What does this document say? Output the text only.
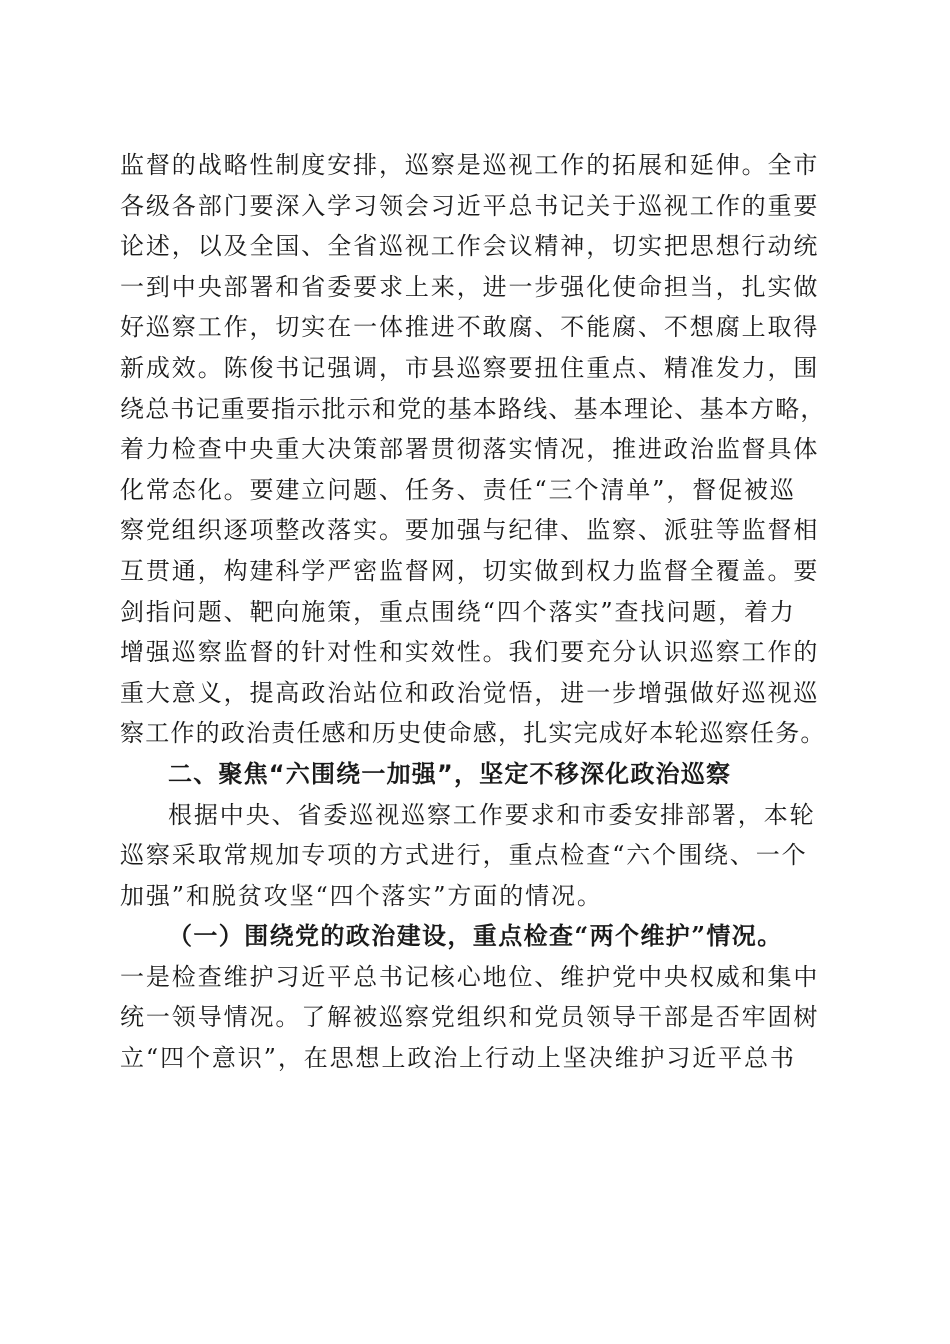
监督的战略性制度安排，巡察是巡视工作的拓展和延伸。全市
各级各部门要深入学习领会习近平总书记关于巡视工作的重要
论述，以及全国、全省巡视工作会议精神，切实把思想行动统
一到中央部署和省委要求上来，进一步强化使命担当，扎实做
好巡察工作，切实在一体推进不敢腐、不能腐、不想腐上取得
新成效。陈俊书记强调，市县巡察要扭住重点、精准发力，围
绕总书记重要指示批示和党的基本路线、基本理论、基本方略，
着力检查中央重大决策部署贯彻落实情况，推进政治监督具体
化常态化。要建立问题、任务、责任“三个清单”，督促被巡
察党组织逐项整改落实。要加强与纪律、监察、派驻等监督相
互贯通，构建科学严密监督网，切实做到权力监督全覆盖。要
剑指问题、靶向施策，重点围绕“四个落实”查找问题，着力
增强巡察监督的针对性和实效性。我们要充分认识巡察工作的
重大意义，提高政治站位和政治觉悟，进一步增强做好巡视巡
察工作的政治责任感和历史使命感，扎实完成好本轮巡察任务。
二、聚焦“六围绕一加强”，坚定不移深化政治巡察
根据中央、省委巡视巡察工作要求和市委安排部署，本轮
巡察采取常规加专项的方式进行，重点检查“六个围绕、一个
加强”和脱贫攻坚“四个落实”方面的情况。
（一）围绕党的政治建设，重点检查“两个维护”情况。
一是检查维护习近平总书记核心地位、维护党中央权威和集中
统一领导情况。了解被巡察党组织和党员领导干部是否牢固树
立“四个意识”，在思想上政治上行动上坚决维护习近平总书
